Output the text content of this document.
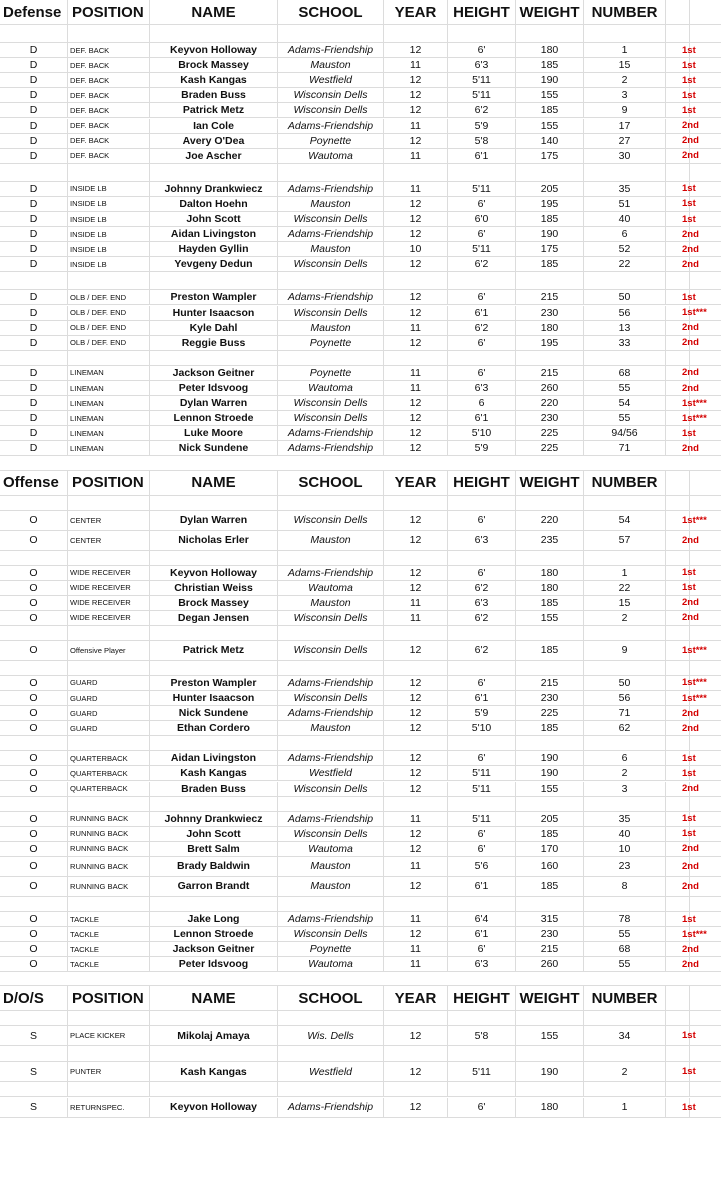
Defense POSITION	NAME	SCHOOL	YEAR	HEIGHT WEIGHT NUMBER
D	DEF. BACK	Keyvon Holloway	Adams-Friendship	12	6'	180	1	1st
D	DEF. BACK	Brock Massey	Mauston	11	6'3	185	15	1st
D	DEF. BACK	Kash Kangas	Westfield	12	5'11	190	2	1st
D	DEF. BACK	Braden Buss	Wisconsin Dells	12	5'11	155	3	1st
D	DEF. BACK	Patrick Metz	Wisconsin Dells	12	6'2	185	9	1st
D	DEF. BACK	Ian Cole	Adams-Friendship	11	5'9	155	17	2nd
D	DEF. BACK	Avery O'Dea	Poynette	12	5'8	140	27	2nd
D	DEF. BACK	Joe Ascher	Wautoma	11	6'1	175	30	2nd
D	INSIDE LB	Johnny Drankwiecz	Adams-Friendship	11	5'11	205	35	1st
D	INSIDE LB	Dalton Hoehn	Mauston	12	6'	195	51	1st
D	INSIDE LB	John Scott	Wisconsin Dells	12	6'0	185	40	1st
D	INSIDE LB	Aidan Livingston	Adams-Friendship	12	6'	190	6	2nd
D	INSIDE LB	Hayden Gyllin	Mauston	10	5'11	175	52	2nd
D	INSIDE LB	Yevgeny Dedun	Wisconsin Dells	12	6'2	185	22	2nd
D	OLB / DEF. END	Preston Wampler	Adams-Friendship	12	6'	215	50	1st
D	OLB / DEF. END	Hunter Isaacson	Wisconsin Dells	12	6'1	230	56	1st***
D	OLB / DEF. END	Kyle Dahl	Mauston	11	6'2	180	13	2nd
D	OLB / DEF. END	Reggie Buss	Poynette	12	6'	195	33	2nd
D	LINEMAN	Jackson Geitner	Poynette	11	6'	215	68	2nd
D	LINEMAN	Peter Idsvoog	Wautoma	11	6'3	260	55	2nd
D	LINEMAN	Dylan Warren	Wisconsin Dells	12	6	220	54	1st***
D	LINEMAN	Lennon Stroede	Wisconsin Dells	12	6'1	230	55	1st***
D	LINEMAN	Luke Moore	Adams-Friendship	12	5'10	225	94/56	1st
D	LINEMAN	Nick Sundene	Adams-Friendship	12	5'9	225	71	2nd
Offense POSITION	NAME	SCHOOL	YEAR	HEIGHT WEIGHT NUMBER
O	CENTER	Dylan Warren	Wisconsin Dells	12	6'	220	54	1st***
O	CENTER	Nicholas Erler	Mauston	12	6'3	235	57	2nd
O	WIDE RECEIVER	Keyvon Holloway	Adams-Friendship	12	6'	180	1	1st
O	WIDE RECEIVER	Christian Weiss	Wautoma	12	6'2	180	22	1st
O	WIDE RECEIVER	Brock Massey	Mauston	11	6'3	185	15	2nd
O	WIDE RECEIVER	Degan Jensen	Wisconsin Dells	11	6'2	155	2	2nd
O	Offensive Player	Patrick Metz	Wisconsin Dells	12	6'2	185	9	1st***
O	GUARD	Preston Wampler	Adams-Friendship	12	6'	215	50	1st***
O	GUARD	Hunter Isaacson	Wisconsin Dells	12	6'1	230	56	1st***
O	GUARD	Nick Sundene	Adams-Friendship	12	5'9	225	71	2nd
O	GUARD	Ethan Cordero	Mauston	12	5'10	185	62	2nd
O	QUARTERBACK	Aidan Livingston	Adams-Friendship	12	6'	190	6	1st
O	QUARTERBACK	Kash Kangas	Westfield	12	5'11	190	2	1st
O	QUARTERBACK	Braden Buss	Wisconsin Dells	12	5'11	155	3	2nd
O	RUNNING BACK	Johnny Drankwiecz	Adams-Friendship	11	5'11	205	35	1st
O	RUNNING BACK	John Scott	Wisconsin Dells	12	6'	185	40	1st
O	RUNNING BACK	Brett Salm	Wautoma	12	6'	170	10	2nd
O	RUNNING BACK	Brady Baldwin	Mauston	11	5'6	160	23	2nd
O	RUNNING BACK	Garron Brandt	Mauston	12	6'1	185	8	2nd
O	TACKLE	Jake Long	Adams-Friendship	11	6'4	315	78	1st
O	TACKLE	Lennon Stroede	Wisconsin Dells	12	6'1	230	55	1st***
O	TACKLE	Jackson Geitner	Poynette	11	6'	215	68	2nd
O	TACKLE	Peter Idsvoog	Wautoma	11	6'3	260	55	2nd
D/O/S	POSITION	NAME	SCHOOL	YEAR	HEIGHT WEIGHT NUMBER
S	PLACE KICKER	Mikolaj Amaya	Wis. Dells	12	5'8	155	34	1st
S	PUNTER	Kash Kangas	Westfield	12	5'11	190	2	1st
S	RETURNSPEC.	Keyvon Holloway	Adams-Friendship	12	6'	180	1	1st
